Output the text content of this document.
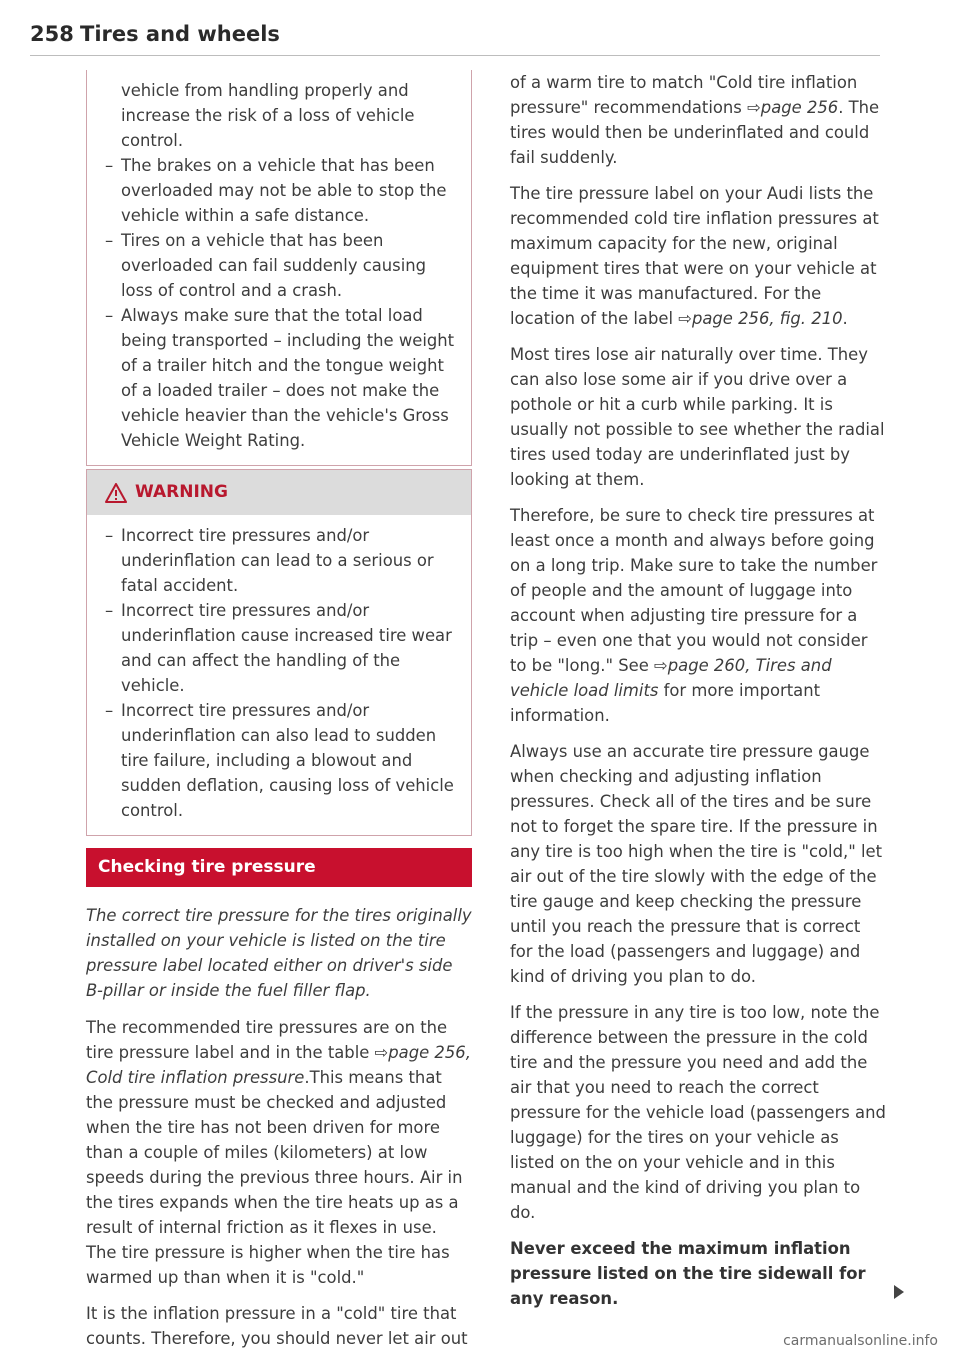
258 Tires and wheels

vehicle from handling properly and increase the risk of a loss of vehicle control.

– The brakes on a vehicle that has been overloaded may not be able to stop the vehicle within a safe distance.

– Tires on a vehicle that has been overloaded can fail suddenly causing loss of control and a crash.

– Always make sure that the total load being transported – including the weight of a trailer hitch and the tongue weight of a loaded trailer – does not make the vehicle heavier than the vehicle's Gross Vehicle Weight Rating.

WARNING

– Incorrect tire pressures and/or underinflation can lead to a serious or fatal accident.

– Incorrect tire pressures and/or underinflation cause increased tire wear and can affect the handling of the vehicle.

– Incorrect tire pressures and/or underinflation can also lead to sudden tire failure, including a blowout and sudden deflation, causing loss of vehicle control.

Checking tire pressure

The correct tire pressure for the tires originally installed on your vehicle is listed on the tire pressure label located either on driver's side B-pillar or inside the fuel filler flap.

The recommended tire pressures are on the tire pressure label and in the table ⇨page 256, Cold tire inflation pressure.This means that the pressure must be checked and adjusted when the tire has not been driven for more than a couple of miles (kilometers) at low speeds during the previous three hours. Air in the tires expands when the tire heats up as a result of internal friction as it flexes in use. The tire pressure is higher when the tire has warmed up than when it is "cold."

It is the inflation pressure in a "cold" tire that counts. Therefore, you should never let air out

of a warm tire to match "Cold tire inflation pressure" recommendations ⇨page 256. The tires would then be underinflated and could fail suddenly.

The tire pressure label on your Audi lists the recommended cold tire inflation pressures at maximum capacity for the new, original equipment tires that were on your vehicle at the time it was manufactured. For the location of the label ⇨page 256, fig. 210.

Most tires lose air naturally over time. They can also lose some air if you drive over a pothole or hit a curb while parking. It is usually not possible to see whether the radial tires used today are underinflated just by looking at them.

Therefore, be sure to check tire pressures at least once a month and always before going on a long trip. Make sure to take the number of people and the amount of luggage into account when adjusting tire pressure for a trip – even one that you would not consider to be "long." See ⇨page 260, Tires and vehicle load limits for more important information.

Always use an accurate tire pressure gauge when checking and adjusting inflation pressures. Check all of the tires and be sure not to forget the spare tire. If the pressure in any tire is too high when the tire is "cold," let air out of the tire slowly with the edge of the tire gauge and keep checking the pressure until you reach the pressure that is correct for the load (passengers and luggage) and kind of driving you plan to do.

If the pressure in any tire is too low, note the difference between the pressure in the cold tire and the pressure you need and add the air that you need to reach the correct pressure for the vehicle load (passengers and luggage) for the tires on your vehicle as listed on the on your vehicle and in this manual and the kind of driving you plan to do.

Never exceed the maximum inflation pressure listed on the tire sidewall for any reason.

carmanualsonline.info
